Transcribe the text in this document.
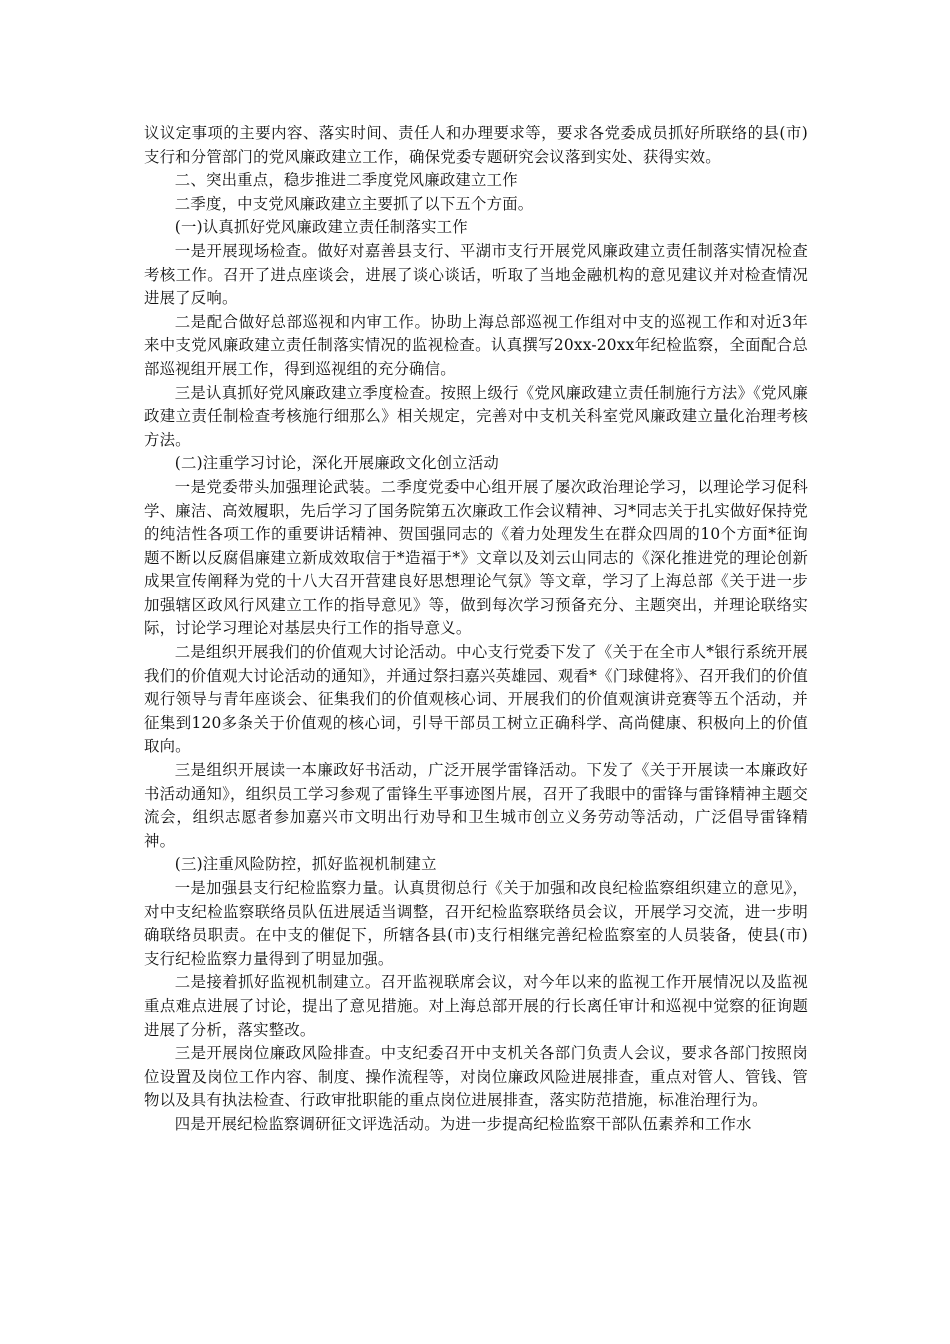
议议定事项的主要内容、落实时间、责任人和办理要求等，要求各党委成员抓好所联络的县(市)支行和分管部门的党风廉政建立工作，确保党委专题研究会议落到实处、获得实效。

二、突出重点，稳步推进二季度党风廉政建立工作

二季度，中支党风廉政建立主要抓了以下五个方面。

(一)认真抓好党风廉政建立责任制落实工作

一是开展现场检查。做好对嘉善县支行、平湖市支行开展党风廉政建立责任制落实情况检查考核工作。召开了进点座谈会，进展了谈心谈话，听取了当地金融机构的意见建议并对检查情况进展了反响。

二是配合做好总部巡视和内审工作。协助上海总部巡视工作组对中支的巡视工作和对近3年来中支党风廉政建立责任制落实情况的监视检查。认真撰写20xx-20xx年纪检监察，全面配合总部巡视组开展工作，得到巡视组的充分确信。

三是认真抓好党风廉政建立季度检查。按照上级行《党风廉政建立责任制施行方法》《党风廉政建立责任制检查考核施行细那么》相关规定，完善对中支机关科室党风廉政建立量化治理考核方法。

(二)注重学习讨论，深化开展廉政文化创立活动

一是党委带头加强理论武装。二季度党委中心组开展了屡次政治理论学习，以理论学习促科学、廉洁、高效履职，先后学习了国务院第五次廉政工作会议精神、习*同志关于扎实做好保持党的纯洁性各项工作的重要讲话精神、贺国强同志的《着力处理发生在群众四周的10个方面*征询题不断以反腐倡廉建立新成效取信于*造福于*》文章以及刘云山同志的《深化推进党的理论创新成果宣传阐释为党的十八大召开营建良好思想理论气氛》等文章，学习了上海总部《关于进一步加强辖区政风行风建立工作的指导意见》等，做到每次学习预备充分、主题突出，并理论联络实际，讨论学习理论对基层央行工作的指导意义。

二是组织开展我们的价值观大讨论活动。中心支行党委下发了《关于在全市人*银行系统开展我们的价值观大讨论活动的通知》，并通过祭扫嘉兴英雄园、观看*《门球健将》、召开我们的价值观行领导与青年座谈会、征集我们的价值观核心词、开展我们的价值观演讲竞赛等五个活动，并征集到120多条关于价值观的核心词，引导干部员工树立正确科学、高尚健康、积极向上的价值取向。

三是组织开展读一本廉政好书活动，广泛开展学雷锋活动。下发了《关于开展读一本廉政好书活动通知》，组织员工学习参观了雷锋生平事迹图片展，召开了我眼中的雷锋与雷锋精神主题交流会，组织志愿者参加嘉兴市文明出行劝导和卫生城市创立义务劳动等活动，广泛倡导雷锋精神。

(三)注重风险防控，抓好监视机制建立

一是加强县支行纪检监察力量。认真贯彻总行《关于加强和改良纪检监察组织建立的意见》，对中支纪检监察联络员队伍进展适当调整，召开纪检监察联络员会议，开展学习交流，进一步明确联络员职责。在中支的催促下，所辖各县(市)支行相继完善纪检监察室的人员装备，使县(市)支行纪检监察力量得到了明显加强。

二是接着抓好监视机制建立。召开监视联席会议，对今年以来的监视工作开展情况以及监视重点难点进展了讨论，提出了意见措施。对上海总部开展的行长离任审计和巡视中觉察的征询题进展了分析，落实整改。

三是开展岗位廉政风险排查。中支纪委召开中支机关各部门负责人会议，要求各部门按照岗位设置及岗位工作内容、制度、操作流程等，对岗位廉政风险进展排查，重点对管人、管钱、管物以及具有执法检查、行政审批职能的重点岗位进展排查，落实防范措施，标准治理行为。

四是开展纪检监察调研征文评选活动。为进一步提高纪检监察干部队伍素养和工作水
